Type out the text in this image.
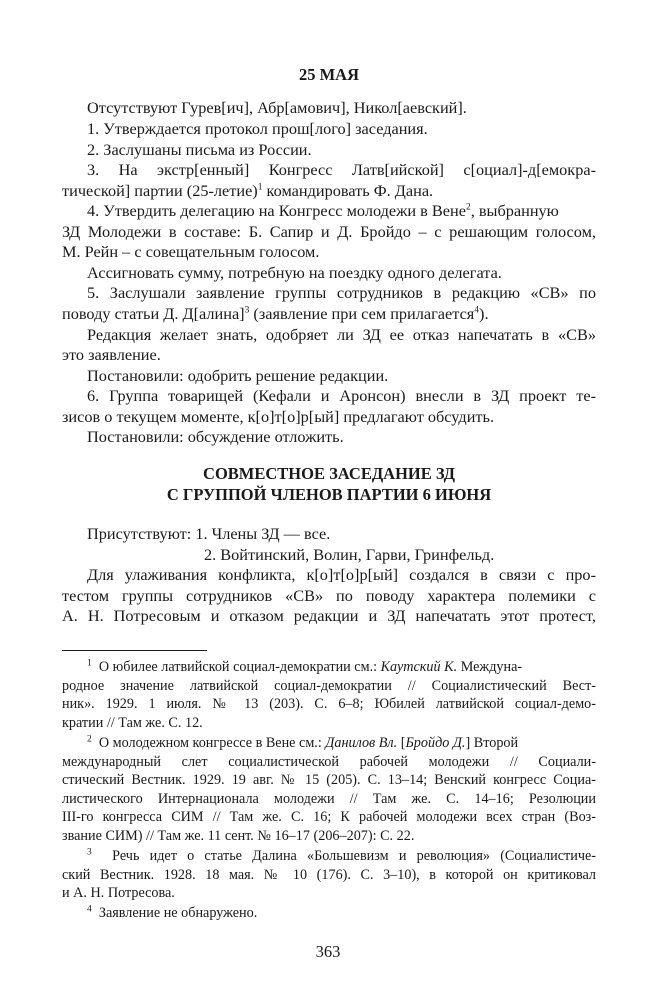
25 МАЯ
Отсутствуют Гурев[ич], Абр[амович], Никол[аевский].
1. Утверждается протокол прош[лого] заседания.
2. Заслушаны письма из России.
3. На экстр[енный] Конгресс Латв[ийской] с[оциал]-д[емокра-
тической] партии (25-летие)$^1$ командировать Ф. Дана.
4. Утвердить делегацию на Конгресс молодежи в Вене$^2$, выбранную
ЗД Молодежи в составе: Б. Сапир и Д. Бройдо – с решающим голосом,
М. Рейн – с совещательным голосом.
Ассигновать сумму, потребную на поездку одного делегата.
5. Заслушали заявление группы сотрудников в редакцию «СВ» по
поводу статьи Д. Д[алина]$^3$ (заявление при сем прилагается$^4$).
Редакция желает знать, одобряет ли ЗД ее отказ напечатать в «СВ»
это заявление.
Постановили: одобрить решение редакции.
6. Группа товарищей (Кефали и Аронсон) внесли в ЗД проект те-
зисов о текущем моменте, к[о]т[о]р[ый] предлагают обсудить.
Постановили: обсуждение отложить.
СОВМЕСТНОЕ ЗАСЕДАНИЕ ЗД
С ГРУППОЙ ЧЛЕНОВ ПАРТИИ 6 ИЮНЯ
Присутствуют: 1. Члены ЗД — все.
2. Войтинский, Волин, Гарви, Гринфельд.
Для улаживания конфликта, к[о]т[о]р[ый] создался в связи с про-
тестом группы сотрудников «СВ» по поводу характера полемики с
А. Н. Потресовым и отказом редакции и ЗД напечатать этот протест,
$^1$ О юбилее латвийской социал-демократии см.: Каутский К. Междуна-
родное значение латвийской социал-демократии // Социалистический Вест-
ник». 1929. 1 июля. № 13 (203). С. 6–8; Юбилей латвийской социал-демо-
кратии // Там же. С. 12.
$^2$ О молодежном конгрессе в Вене см.: Данилов Вл. [Бройдо Д.] Второй
международный слет социалистической рабочей молодежи // Социали-
стический Вестник. 1929. 19 авг. № 15 (205). С. 13–14; Венский конгресс Социа-
листического Интернационала молодежи // Там же. С. 14–16; Резолюции
III-го конгресса СИМ // Там же. С. 16; К рабочей молодежи всех стран (Воз-
звание СИМ) // Там же. 11 сент. № 16–17 (206–207): С. 22.
$^3$ Речь идет о статье Далина «Большевизм и революция» (Социалистиче-
ский Вестник. 1928. 18 мая. № 10 (176). С. 3–10), в которой он критиковал
и А. Н. Потресова.
$^4$ Заявление не обнаружено.
363
